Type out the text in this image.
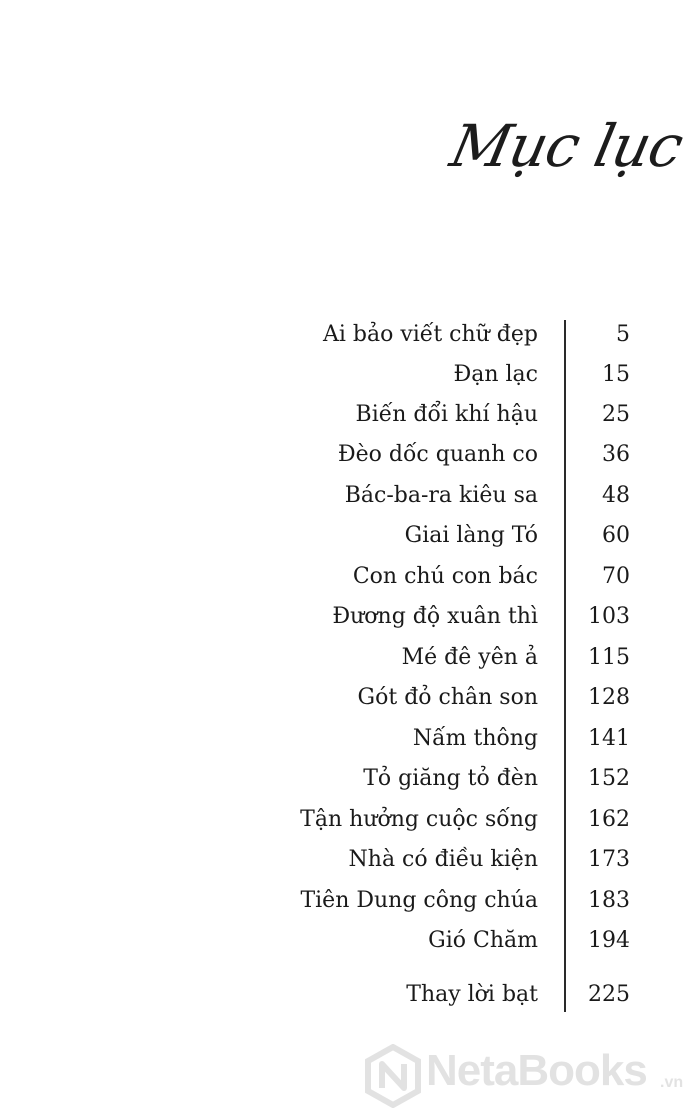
Mục lục
Ai bảo viết chữ đẹp	5
Đạn lạc	15
Biến đổi khí hậu	25
Đèo dốc quanh co	36
Bác-ba-ra kiêu sa	48
Giai làng Tó	60
Con chú con bác	70
Đương độ xuân thì 103
Mé đê yên ả 115
Gót đỏ chân son 128
Nấm thông 141
Tỏ giăng tỏ đèn 152
Tận hưởng cuộc sống 162
Nhà có điều kiện 173
Tiên Dung công chúa 183
Gió Chăm 194
Thay lời bạt 225
NetaBooks .vn
